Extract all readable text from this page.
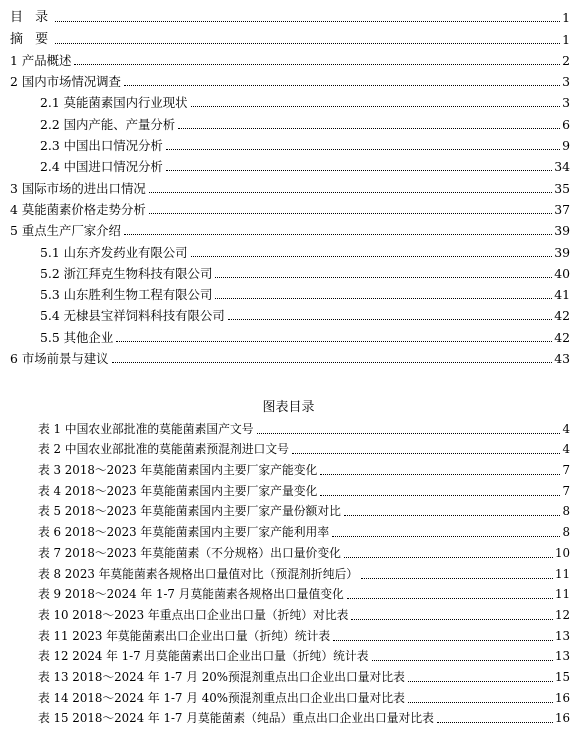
目 录	1
摘 要	1
1 产品概述	2
2 国内市场情况调查	3
2.1 莫能菌素国内行业现状	3
2.2 国内产能、产量分析	6
2.3 中国出口情况分析	9
2.4 中国进口情况分析	34
3 国际市场的进出口情况	35
4 莫能菌素价格走势分析	37
5 重点生产厂家介绍	39
5.1 山东齐发药业有限公司	39
5.2 浙江拜克生物科技有限公司	40
5.3 山东胜利生物工程有限公司	41
5.4 无棣县宝祥饲料科技有限公司	42
5.5 其他企业	42
6 市场前景与建议	43
图表目录
表 1 中国农业部批准的莫能菌素国产文号	4
表 2 中国农业部批准的莫能菌素预混剂进口文号	4
表 3 2018～2023 年莫能菌素国内主要厂家产能变化	7
表 4 2018～2023 年莫能菌素国内主要厂家产量变化	7
表 5 2018～2023 年莫能菌素国内主要厂家产量份额对比	8
表 6 2018～2023 年莫能菌素国内主要厂家产能利用率	8
表 7 2018～2023 年莫能菌素（不分规格）出口量价变化	10
表 8 2023 年莫能菌素各规格出口量值对比（预混剂折纯后）	11
表 9 2018～2024 年 1-7 月莫能菌素各规格出口量值变化	11
表 10 2018～2023 年重点出口企业出口量（折纯）对比表	12
表 11 2023 年莫能菌素出口企业出口量（折纯）统计表	13
表 12 2024 年 1-7 月莫能菌素出口企业出口量（折纯）统计表	13
表 13 2018～2024 年 1-7 月 20%预混剂重点出口企业出口量对比表	15
表 14 2018～2024 年 1-7 月 40%预混剂重点出口企业出口量对比表	16
表 15 2018～2024 年 1-7 月莫能菌素（纯品）重点出口企业出口量对比表	16
